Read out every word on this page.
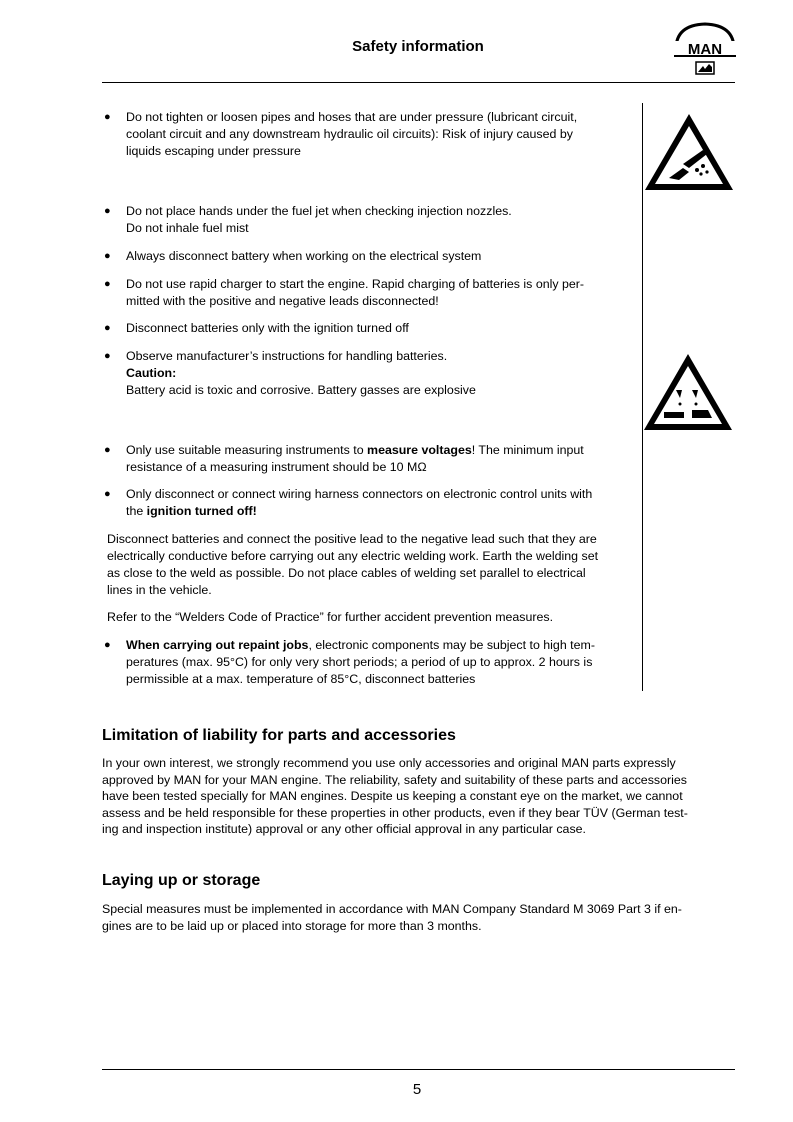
Safety information	MAN
●	Do not tighten or loosen pipes and hoses that are under pressure (lubricant circuit,
coolant circuit and any downstream hydraulic oil circuits): Risk of injury caused by
liquids escaping under pressure
●	Do not place hands under the fuel jet when checking injection nozzles.
Do not inhale fuel mist
●	Always disconnect battery when working on the electrical system
●	Do not use rapid charger to start the engine. Rapid charging of batteries is only per-
mitted with the positive and negative leads disconnected!
●	Disconnect batteries only with the ignition turned off
●	Observe manufacturer’s instructions for handling batteries.
Caution:
Battery acid is toxic and corrosive. Battery gasses are explosive
●	Only use suitable measuring instruments to measure voltages! The minimum input
resistance of a measuring instrument should be 10 MΩ
●	Only disconnect or connect wiring harness connectors on electronic control units with
the ignition turned off!
Disconnect batteries and connect the positive lead to the negative lead such that they are
electrically conductive before carrying out any electric welding work. Earth the welding set
as close to the weld as possible. Do not place cables of welding set parallel to electrical
lines in the vehicle.
Refer to the “Welders Code of Practice” for further accident prevention measures.
●	When carrying out repaint jobs, electronic components may be subject to high tem-
peratures (max. 95°C) for only very short periods; a period of up to approx. 2 hours is
permissible at a max. temperature of 85°C, disconnect batteries
Limitation of liability for parts and accessories
In your own interest, we strongly recommend you use only accessories and original MAN parts expressly
approved by MAN for your MAN engine. The reliability, safety and suitability of these parts and accessories
have been tested specially for MAN engines. Despite us keeping a constant eye on the market, we cannot
assess and be held responsible for these properties in other products, even if they bear TÜV (German test-
ing and inspection institute) approval or any other official approval in any particular case.
Laying up or storage
Special measures must be implemented in accordance with MAN Company Standard M 3069 Part 3 if en-
gines are to be laid up or placed into storage for more than 3 months.
5
